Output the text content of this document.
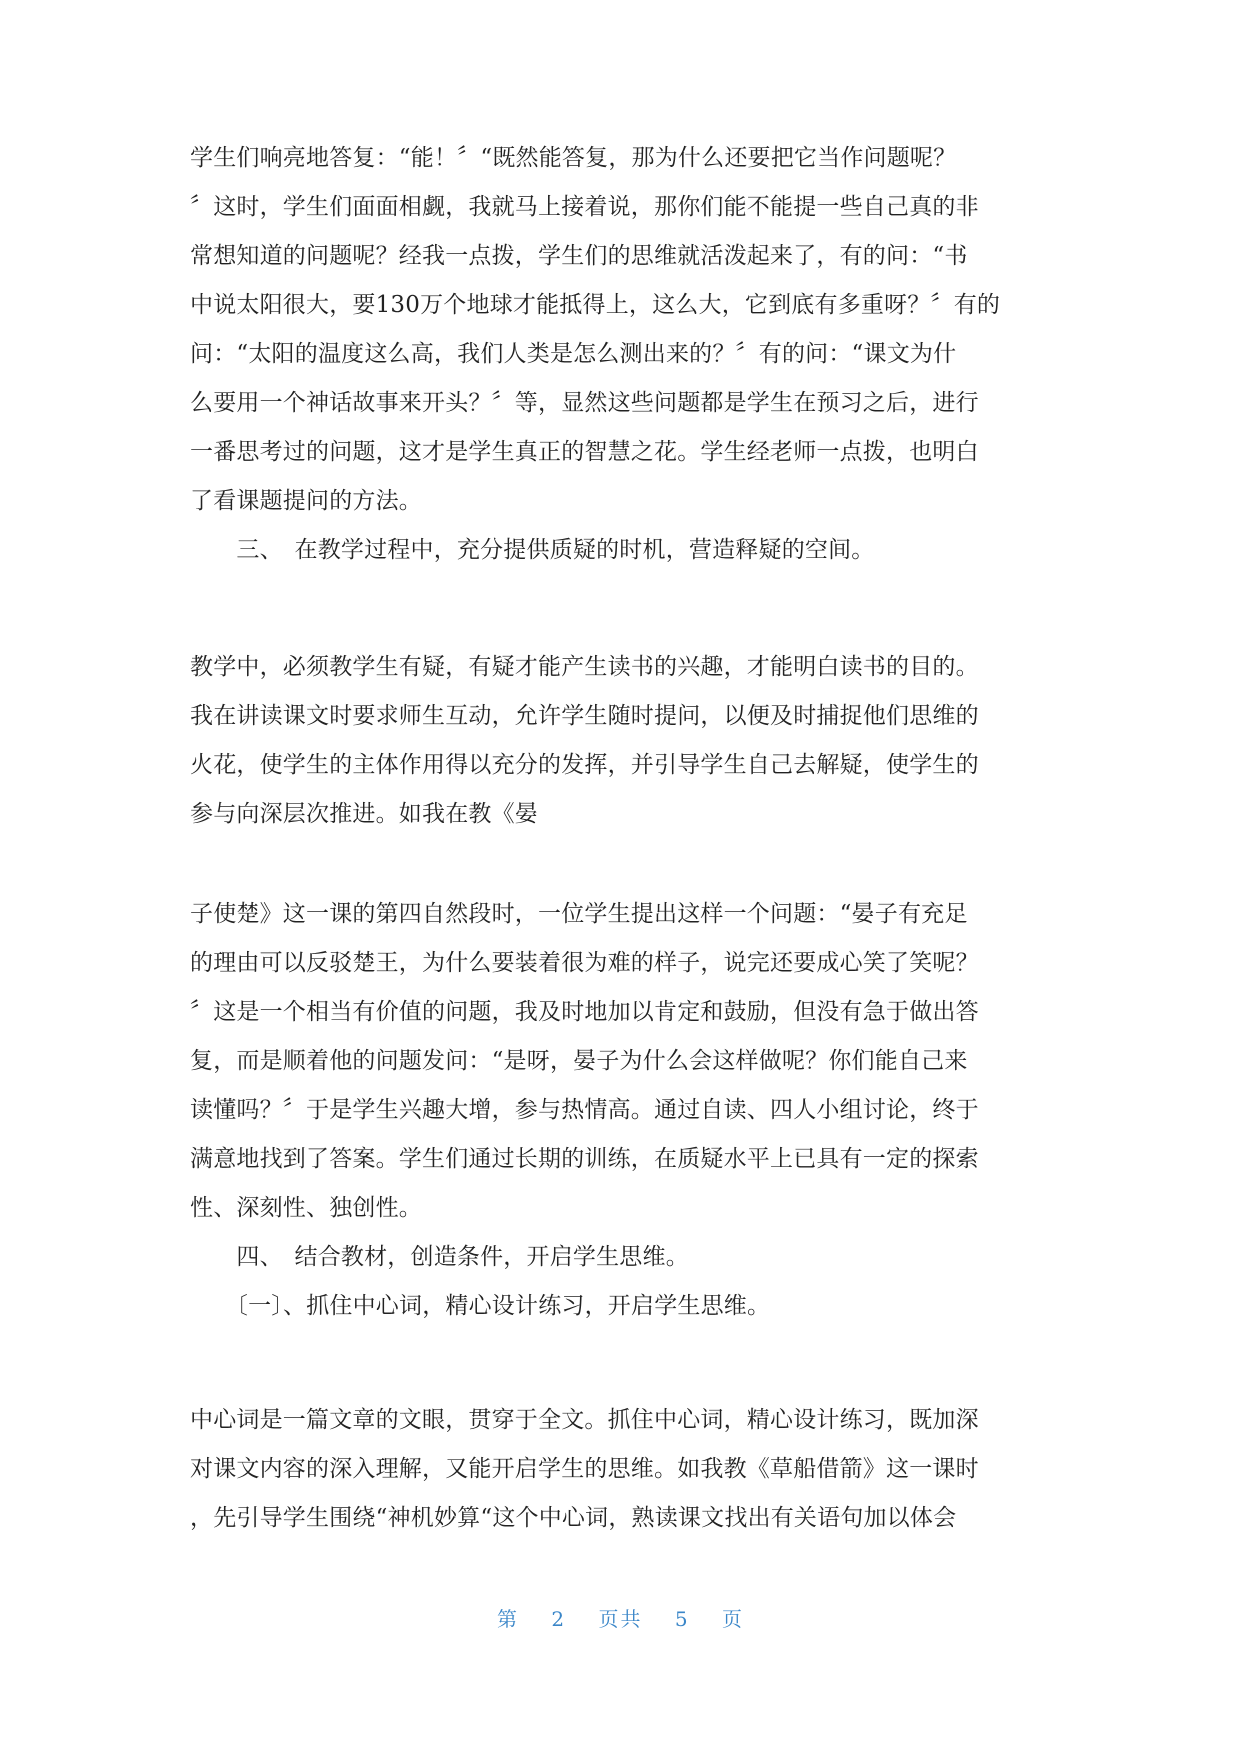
学生们响亮地答复：“能！〞“既然能答复，那为什么还要把它当作问题呢？
〞这时，学生们面面相觑，我就马上接着说，那你们能不能提一些自己真的非
常想知道的问题呢？经我一点拨，学生们的思维就活泼起来了，有的问：“书
中说太阳很大，要130万个地球才能抵得上，这么大，它到底有多重呀？〞有的
问：“太阳的温度这么高，我们人类是怎么测出来的？〞有的问：“课文为什
么要用一个神话故事来开头？〞等，显然这些问题都是学生在预习之后，进行
一番思考过的问题，这才是学生真正的智慧之花。学生经老师一点拨，也明白
了看课题提问的方法。
　　三、　在教学过程中，充分提供质疑的时机，营造释疑的空间。
教学中，必须教学生有疑，有疑才能产生读书的兴趣，才能明白读书的目的。
我在讲读课文时要求师生互动，允许学生随时提问，以便及时捕捉他们思维的
火花，使学生的主体作用得以充分的发挥，并引导学生自己去解疑，使学生的
参与向深层次推进。如我在教《晏
子使楚》这一课的第四自然段时，一位学生提出这样一个问题：“晏子有充足
的理由可以反驳楚王，为什么要装着很为难的样子，说完还要成心笑了笑呢？
〞这是一个相当有价值的问题，我及时地加以肯定和鼓励，但没有急于做出答
复，而是顺着他的问题发问：“是呀，晏子为什么会这样做呢？你们能自己来
读懂吗？〞于是学生兴趣大增，参与热情高。通过自读、四人小组讨论，终于
满意地找到了答案。学生们通过长期的训练，在质疑水平上已具有一定的探索
性、深刻性、独创性。
　　四、　结合教材，创造条件，开启学生思维。
　　〔一〕、抓住中心词，精心设计练习，开启学生思维。
中心词是一篇文章的文眼，贯穿于全文。抓住中心词，精心设计练习，既加深
对课文内容的深入理解，又能开启学生的思维。如我教《草船借箭》这一课时
，先引导学生围绕“神机妙算“这个中心词，熟读课文找出有关语句加以体会
第 2 页共 5 页
